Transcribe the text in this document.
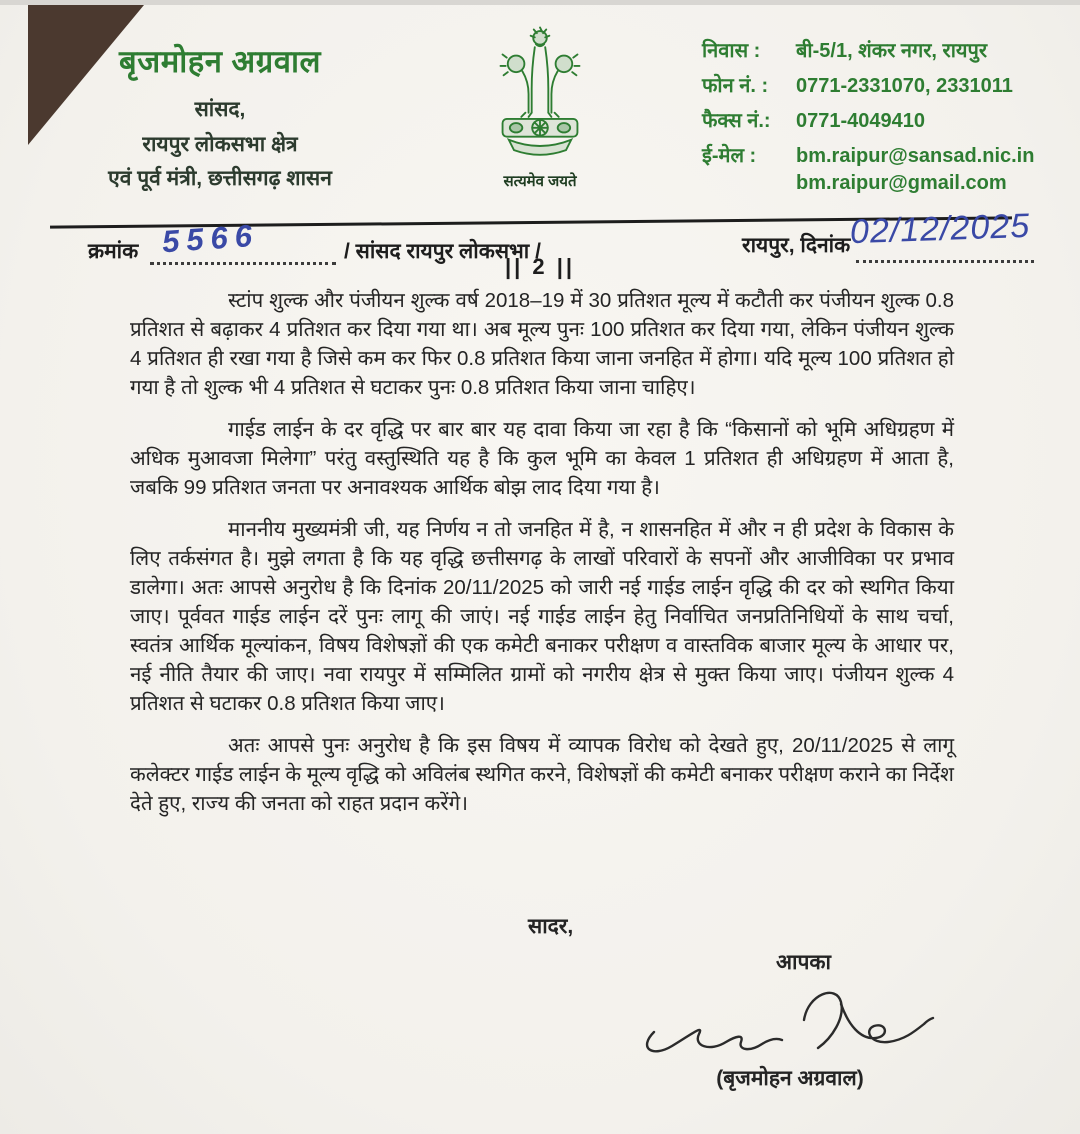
बृजमोहन अग्रवाल
सांसद,
रायपुर लोकसभा क्षेत्र
एवं पूर्व मंत्री, छत्तीसगढ़ शासन	सत्यमेव जयते
निवास :	बी-5/1, शंकर नगर, रायपुर
फोन नं. :	0771-2331070, 2331011
फैक्स नं.:	0771-4049410
ई-मेल :	bm.raipur@sansad.nic.in
bm.raipur@gmail.com
क्रमांक 5566	/ सांसद रायपुर लोकसभा /	रायपुर, दिनांक 02/12/2025
|| 2 ||

स्टांप शुल्क और पंजीयन शुल्क वर्ष 2018–19 में 30 प्रतिशत मूल्य में कटौती कर पंजीयन शुल्क 0.8 प्रतिशत से बढ़ाकर 4 प्रतिशत कर दिया गया था। अब मूल्य पुनः 100 प्रतिशत कर दिया गया, लेकिन पंजीयन शुल्क 4 प्रतिशत ही रखा गया है जिसे कम कर फिर 0.8 प्रतिशत किया जाना जनहित में होगा। यदि मूल्य 100 प्रतिशत हो गया है तो शुल्क भी 4 प्रतिशत से घटाकर पुनः 0.8 प्रतिशत किया जाना चाहिए।

गाईड लाईन के दर वृद्धि पर बार बार यह दावा किया जा रहा है कि “किसानों को भूमि अधिग्रहण में अधिक मुआवजा मिलेगा” परंतु वस्तुस्थिति यह है कि कुल भूमि का केवल 1 प्रतिशत ही अधिग्रहण में आता है, जबकि 99 प्रतिशत जनता पर अनावश्यक आर्थिक बोझ लाद दिया गया है।

माननीय मुख्यमंत्री जी, यह निर्णय न तो जनहित में है, न शासनहित में और न ही प्रदेश के विकास के लिए तर्कसंगत है। मुझे लगता है कि यह वृद्धि छत्तीसगढ़ के लाखों परिवारों के सपनों और आजीविका पर प्रभाव डालेगा। अतः आपसे अनुरोध है कि दिनांक 20/11/2025 को जारी नई गाईड लाईन वृद्धि की दर को स्थगित किया जाए। पूर्ववत गाईड लाईन दरें पुनः लागू की जाएं। नई गाईड लाईन हेतु निर्वाचित जनप्रतिनिधियों के साथ चर्चा, स्वतंत्र आर्थिक मूल्यांकन, विषय विशेषज्ञों की एक कमेटी बनाकर परीक्षण व वास्तविक बाजार मूल्य के आधार पर, नई नीति तैयार की जाए। नवा रायपुर में सम्मिलित ग्रामों को नगरीय क्षेत्र से मुक्त किया जाए। पंजीयन शुल्क 4 प्रतिशत से घटाकर 0.8 प्रतिशत किया जाए।

अतः आपसे पुनः अनुरोध है कि इस विषय में व्यापक विरोध को देखते हुए, 20/11/2025 से लागू कलेक्टर गाईड लाईन के मूल्य वृद्धि को अविलंब स्थगित करने, विशेषज्ञों की कमेटी बनाकर परीक्षण कराने का निर्देश देते हुए, राज्य की जनता को राहत प्रदान करेंगे।

सादर,
आपका
(बृजमोहन अग्रवाल)
